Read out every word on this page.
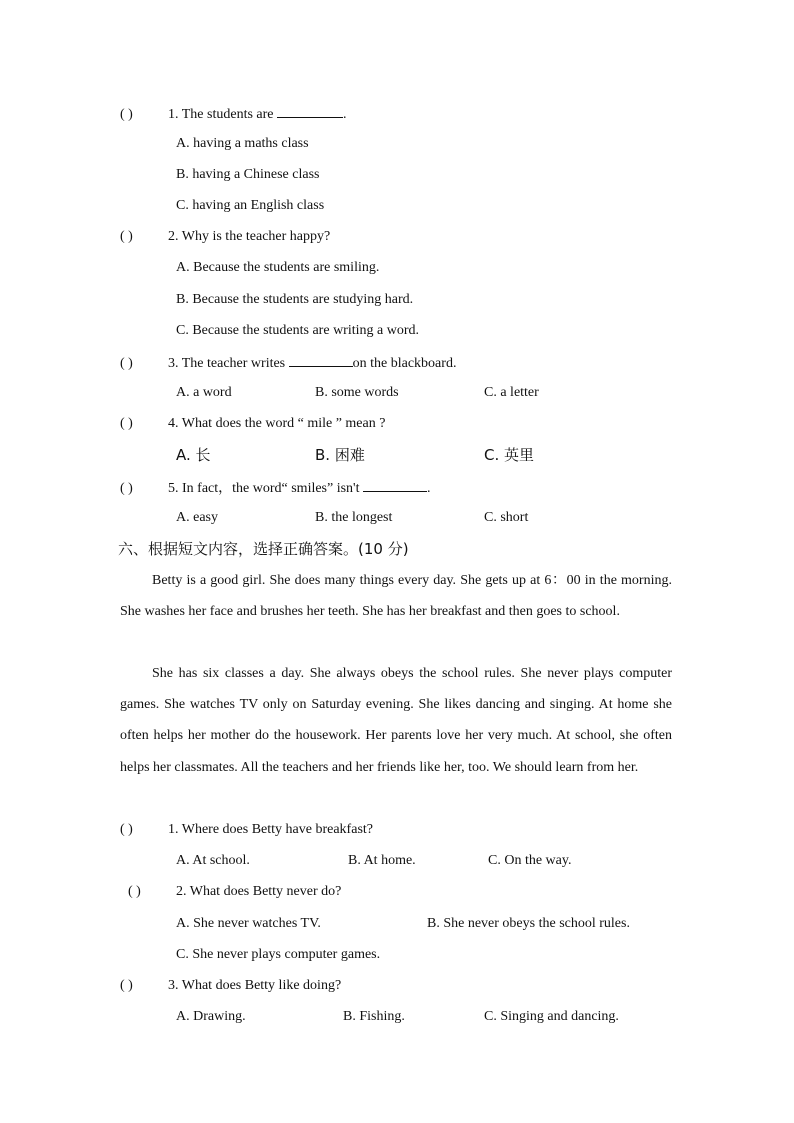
( )	1. The students are	.
A. having a maths class
B. having a Chinese class
C. having an English class
( )	2. Why is the teacher happy?
A. Because the students are smiling.
B. Because the students are studying hard.
C. Because the students are writing a word.
( )	3. The teacher writes	on the blackboard.
A. a word	B. some words	C. a letter
( )	4. What does the word “ mile ” mean ?
A. 长	B. 困难	C. 英里
( )	5. In fact，the word“ smiles” isn't	.
A. easy	B. the longest	C. short
六、根据短文内容，选择正确答案。(10 分)
Betty is a good girl. She does many things every day. She gets up at 6：00 in the morning. She washes her face and brushes her teeth. She has her breakfast and then goes to school.
She has six classes a day. She always obeys the school rules. She never plays computer games. She watches TV only on Saturday evening. She likes dancing and singing. At home she often helps her mother do the housework. Her parents love her very much. At school, she often helps her classmates. All the teachers and her friends like her, too. We should learn from her.
( )	1. Where does Betty have breakfast?
A. At school.	B. At home.	C. On the way.
( )	2. What does Betty never do?
A. She never watches TV.	B. She never obeys the school rules.
C. She never plays computer games.
( )	3. What does Betty like doing?
A. Drawing.	B. Fishing.	C. Singing and dancing.
